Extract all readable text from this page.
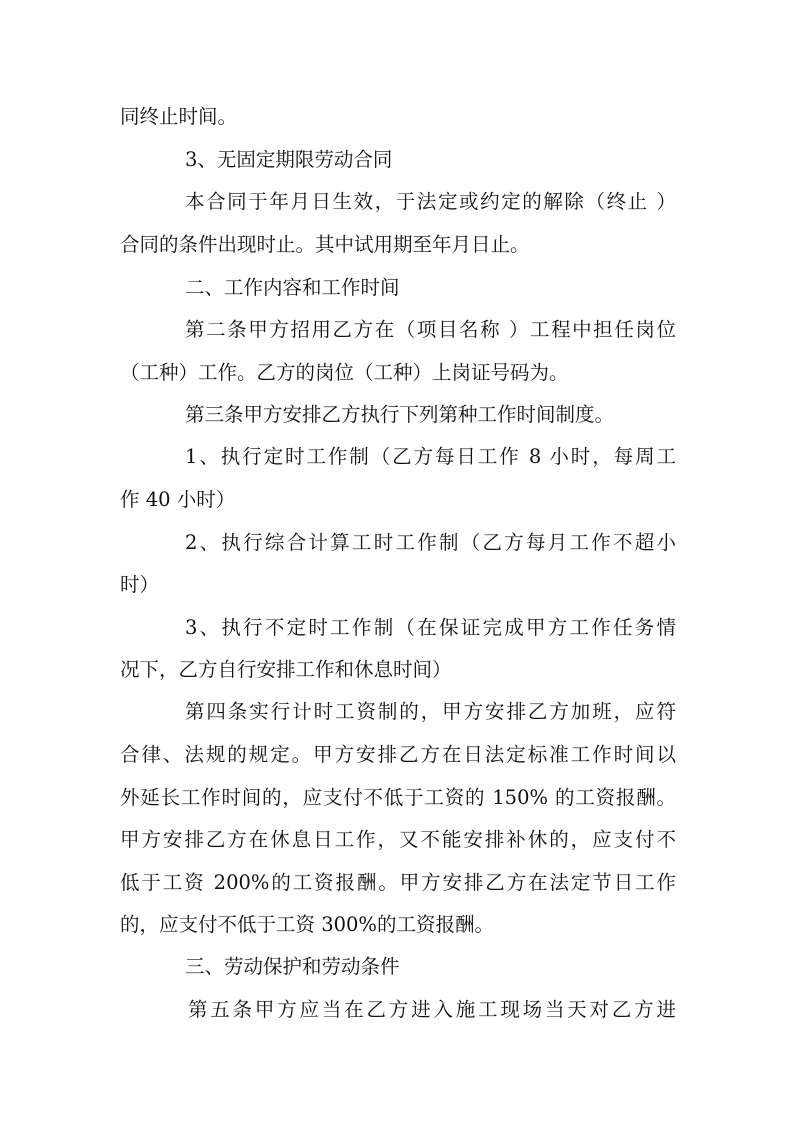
同终止时间。

3、无固定期限劳动合同

本合同于年月日生效，于法定或约定的解除（终止 ）

合同的条件出现时止。其中试用期至年月日止。

二、工作内容和工作时间

第二条甲方招用乙方在（项目名称 ）工程中担任岗位

（工种）工作。乙方的岗位（工种）上岗证号码为。

第三条甲方安排乙方执行下列第种工作时间制度。

1、执行定时工作制（乙方每日工作 8 小时，每周工

作 40 小时）

2、执行综合计算工时工作制（乙方每月工作不超小

时）

3、执行不定时工作制（在保证完成甲方工作任务情

况下，乙方自行安排工作和休息时间）

第四条实行计时工资制的，甲方安排乙方加班，应符

合律、法规的规定。甲方安排乙方在日法定标准工作时间以

外延长工作时间的，应支付不低于工资的 150% 的工资报酬。

甲方安排乙方在休息日工作，又不能安排补休的，应支付不

低于工资 200%的工资报酬。甲方安排乙方在法定节日工作

的，应支付不低于工资 300%的工资报酬。

三、劳动保护和劳动条件

第五条甲方应当在乙方进入施工现场当天对乙方进
